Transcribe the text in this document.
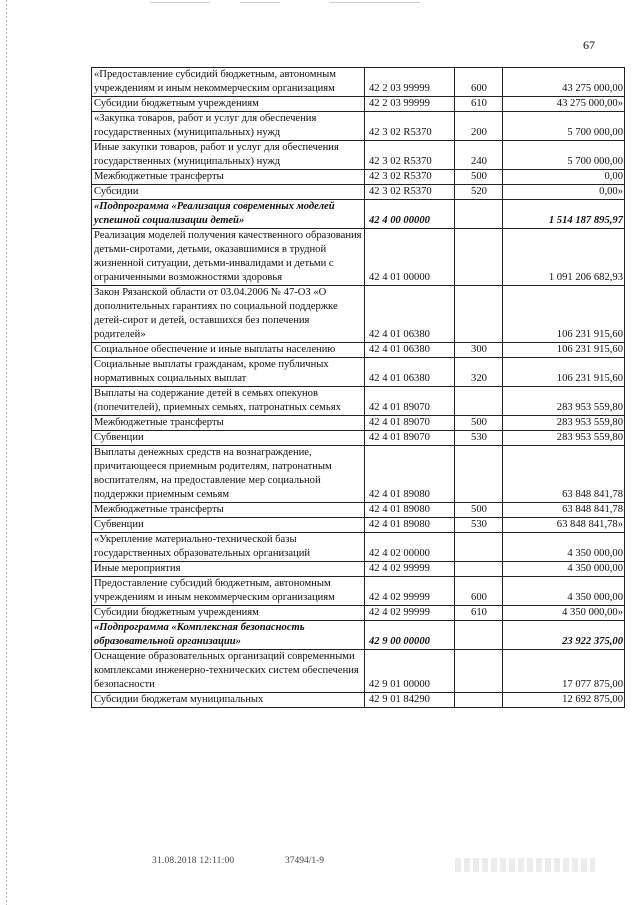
67
«Предоставление субсидий бюджетным, автономным учреждениям и иным некоммерческим организациям	42 2 03 99999	600	43 275 000,00
Субсидии бюджетным учреждениям	42 2 03 99999	610	43 275 000,00»
«Закупка товаров, работ и услуг для обеспечения государственных (муниципальных) нужд	42 3 02 R5370	200	5 700 000,00
Иные закупки товаров, работ и услуг для обеспечения государственных (муниципальных) нужд	42 3 02 R5370	240	5 700 000,00
Межбюджетные трансферты	42 3 02 R5370	500	0,00
Субсидии	42 3 02 R5370	520	0,00»
«Подпрограмма «Реализация современных моделей успешной социализации детей»	42 4 00 00000		1 514 187 895,97
Реализация моделей получения качественного образования детьми-сиротами, детьми, оказавшимися в трудной жизненной ситуации, детьми-инвалидами и детьми с ограниченными возможностями здоровья	42 4 01 00000		1 091 206 682,93
Закон Рязанской области от 03.04.2006 № 47-ОЗ «О дополнительных гарантиях по социальной поддержке детей-сирот и детей, оставшихся без попечения родителей»	42 4 01 06380		106 231 915,60
Социальное обеспечение и иные выплаты населению	42 4 01 06380	300	106 231 915,60
Социальные выплаты гражданам, кроме публичных нормативных социальных выплат	42 4 01 06380	320	106 231 915,60
Выплаты на содержание детей в семьях опекунов (попечителей), приемных семьях, патронатных семьях	42 4 01 89070		283 953 559,80
Межбюджетные трансферты	42 4 01 89070	500	283 953 559,80
Субвенции	42 4 01 89070	530	283 953 559,80
Выплаты денежных средств на вознаграждение, причитающееся приемным родителям, патронатным воспитателям, на предоставление мер социальной поддержки приемным семьям	42 4 01 89080		63 848 841,78
Межбюджетные трансферты	42 4 01 89080	500	63 848 841,78
Субвенции	42 4 01 89080	530	63 848 841,78»
«Укрепление материально-технической базы государственных образовательных организаций	42 4 02 00000		4 350 000,00
Иные мероприятия	42 4 02 99999		4 350 000,00
Предоставление субсидий бюджетным, автономным учреждениям и иным некоммерческим организациям	42 4 02 99999	600	4 350 000,00
Субсидии бюджетным учреждениям	42 4 02 99999	610	4 350 000,00»
«Подпрограмма «Комплексная безопасность образовательной организации»	42 9 00 00000		23 922 375,00
Оснащение образовательных организаций современными комплексами инженерно-технических систем обеспечения безопасности	42 9 01 00000		17 077 875,00
Субсидии бюджетам муниципальных	42 9 01 84290		12 692 875,00
31.08.2018 12:11:00	37494/1-9
